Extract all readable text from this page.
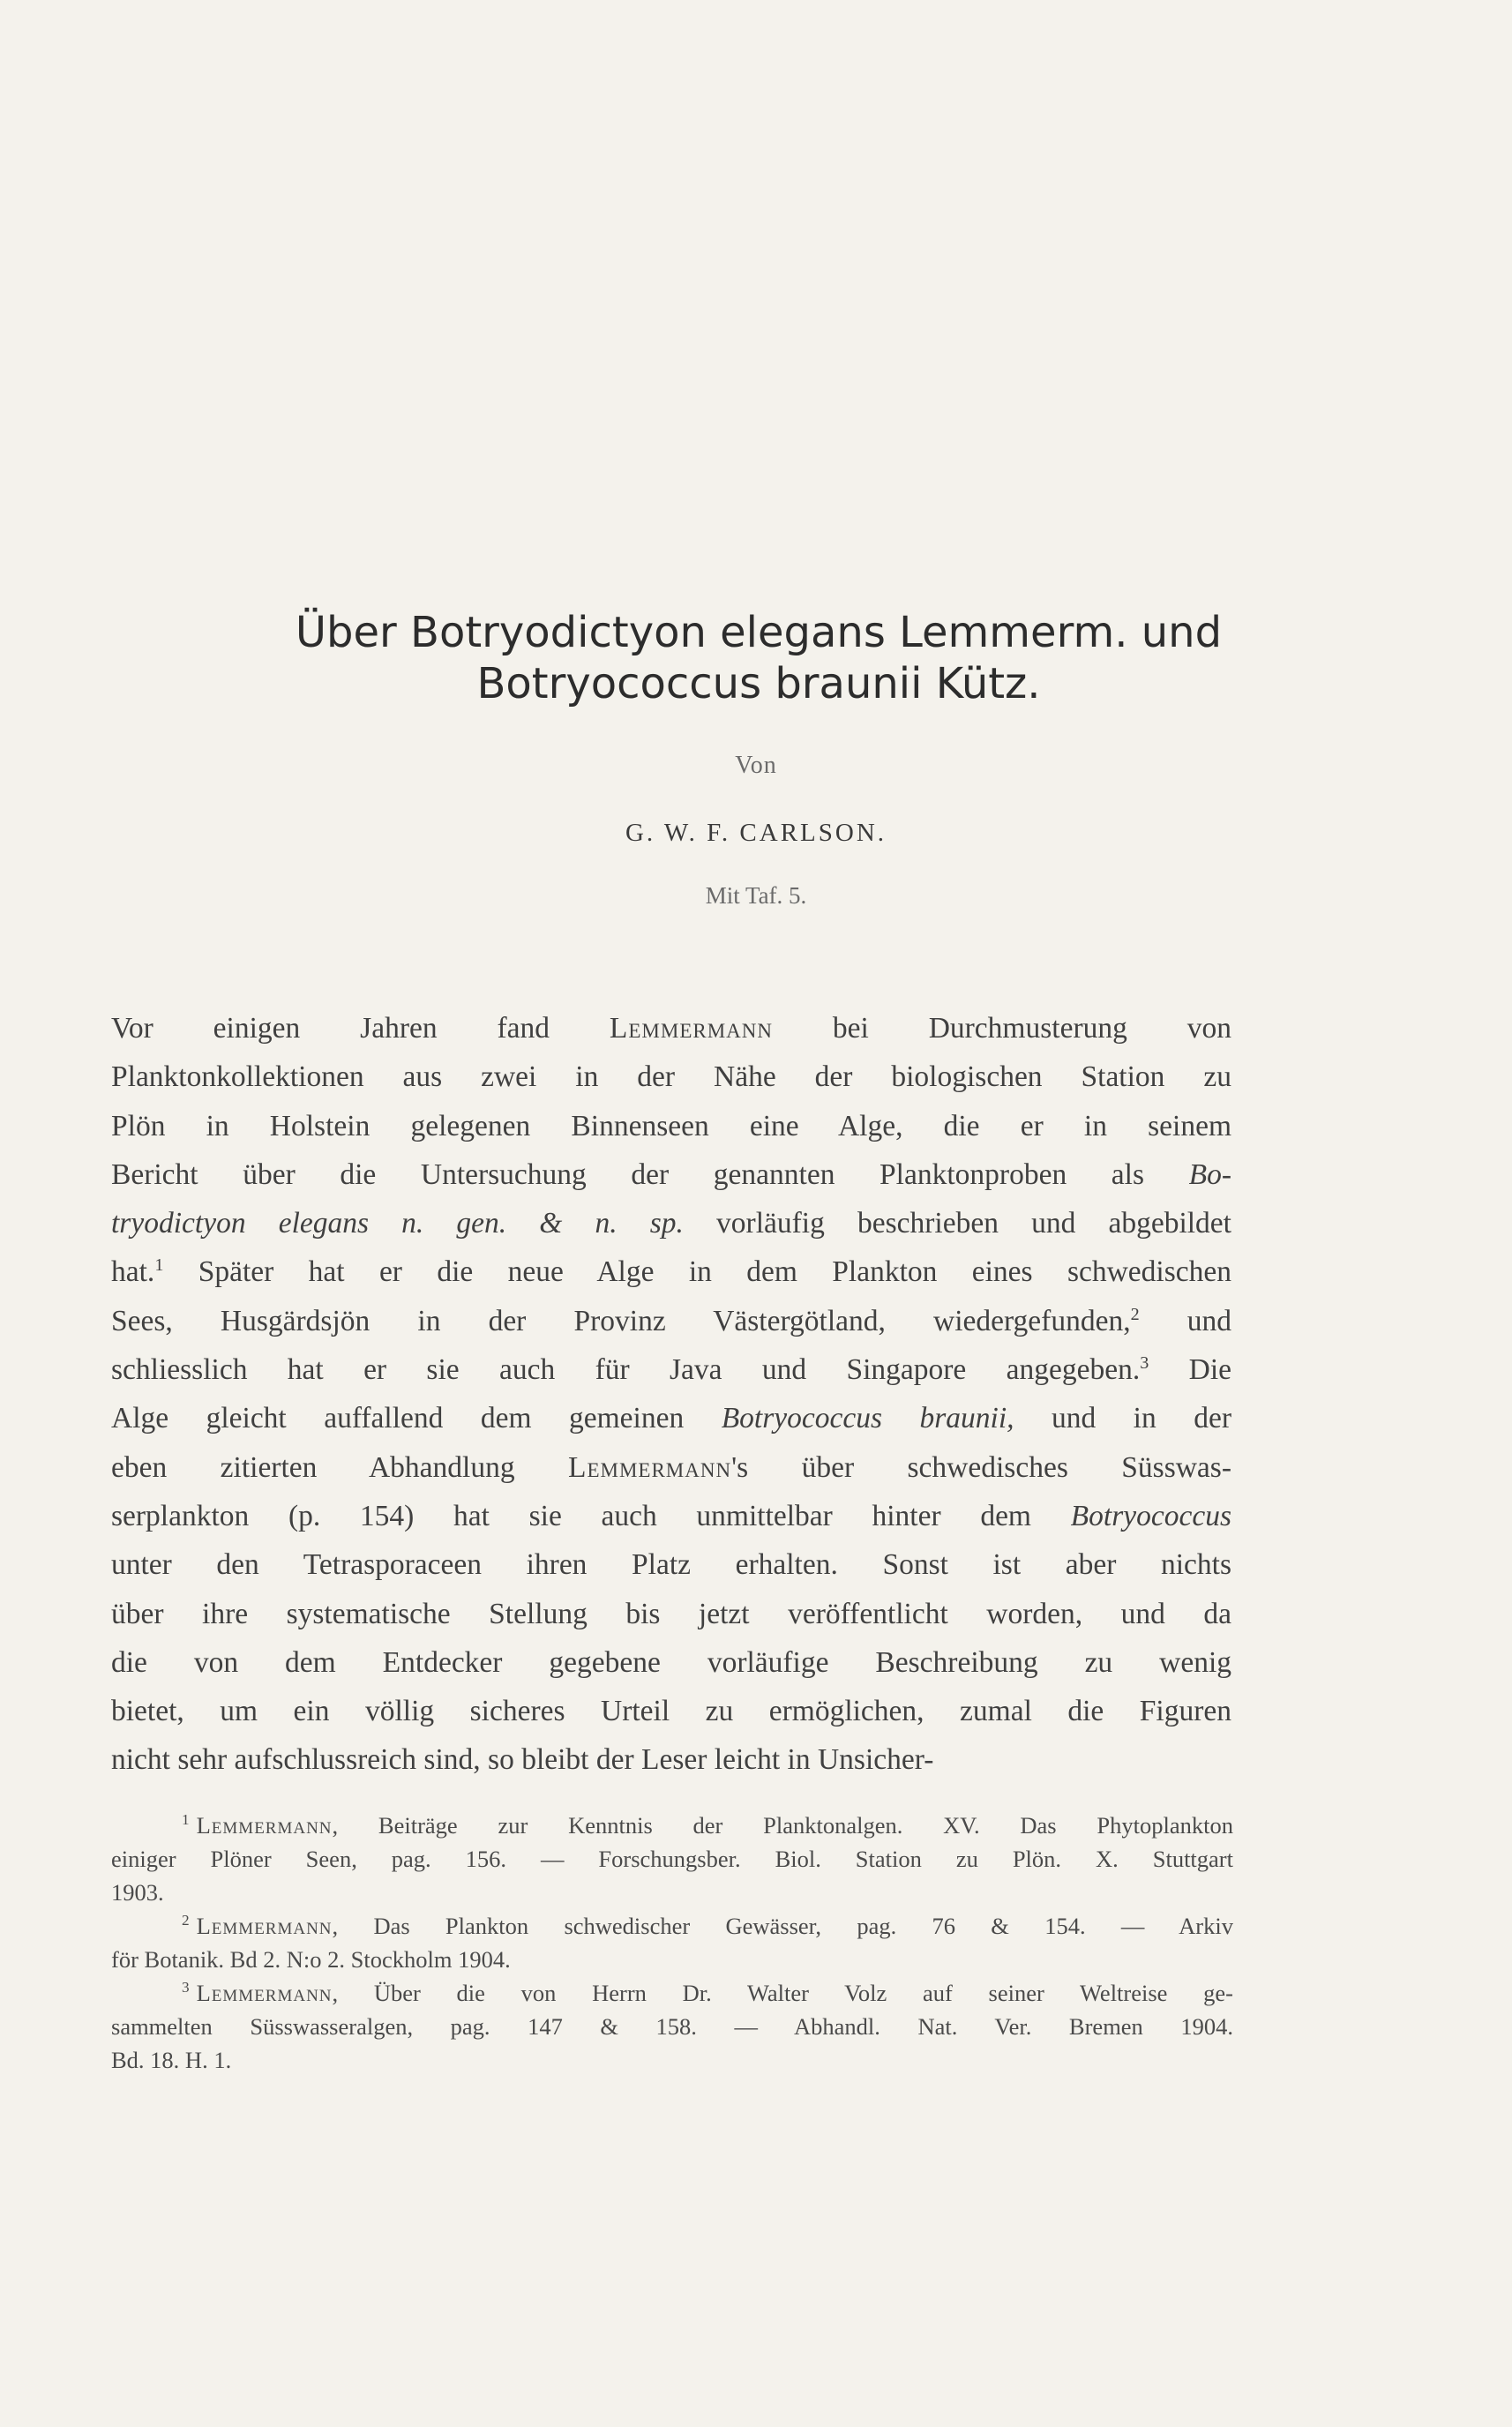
Über Botryodictyon elegans Lemmerm. und
Botryococcus braunii Kütz.
Von
G. W. F. CARLSON.
Mit Taf. 5.
Vor einigen Jahren fand Lemmermann bei Durchmusterung von
Planktonkollektionen aus zwei in der Nähe der biologischen Station zu
Plön in Holstein gelegenen Binnenseen eine Alge, die er in seinem
Bericht über die Untersuchung der genannten Planktonproben als Bo-
tryodictyon elegans n. gen. & n. sp. vorläufig beschrieben und abgebildet
hat.$^1$ Später hat er die neue Alge in dem Plankton eines schwedischen
Sees, Husgärdsjön in der Provinz Västergötland, wiedergefunden,$^2$ und
schliesslich hat er sie auch für Java und Singapore angegeben.$^3$ Die
Alge gleicht auffallend dem gemeinen Botryococcus braunii, und in der
eben zitierten Abhandlung Lemmermann's über schwedisches Süsswas-
serplankton (p. 154) hat sie auch unmittelbar hinter dem Botryococcus
unter den Tetrasporaceen ihren Platz erhalten. Sonst ist aber nichts
über ihre systematische Stellung bis jetzt veröffentlicht worden, und da
die von dem Entdecker gegebene vorläufige Beschreibung zu wenig
bietet, um ein völlig sicheres Urteil zu ermöglichen, zumal die Figuren
nicht sehr aufschlussreich sind, so bleibt der Leser leicht in Unsicher-
$^1$ Lemmermann, Beiträge zur Kenntnis der Planktonalgen. XV. Das Phytoplankton
einiger Plöner Seen, pag. 156. — Forschungsber. Biol. Station zu Plön. X. Stuttgart
1903.
$^2$ Lemmermann, Das Plankton schwedischer Gewässer, pag. 76 & 154. — Arkiv
för Botanik. Bd 2. N:o 2. Stockholm 1904.
$^3$ Lemmermann, Über die von Herrn Dr. Walter Volz auf seiner Weltreise ge-
sammelten Süsswasseralgen, pag. 147 & 158. — Abhandl. Nat. Ver. Bremen 1904.
Bd. 18. H. 1.
